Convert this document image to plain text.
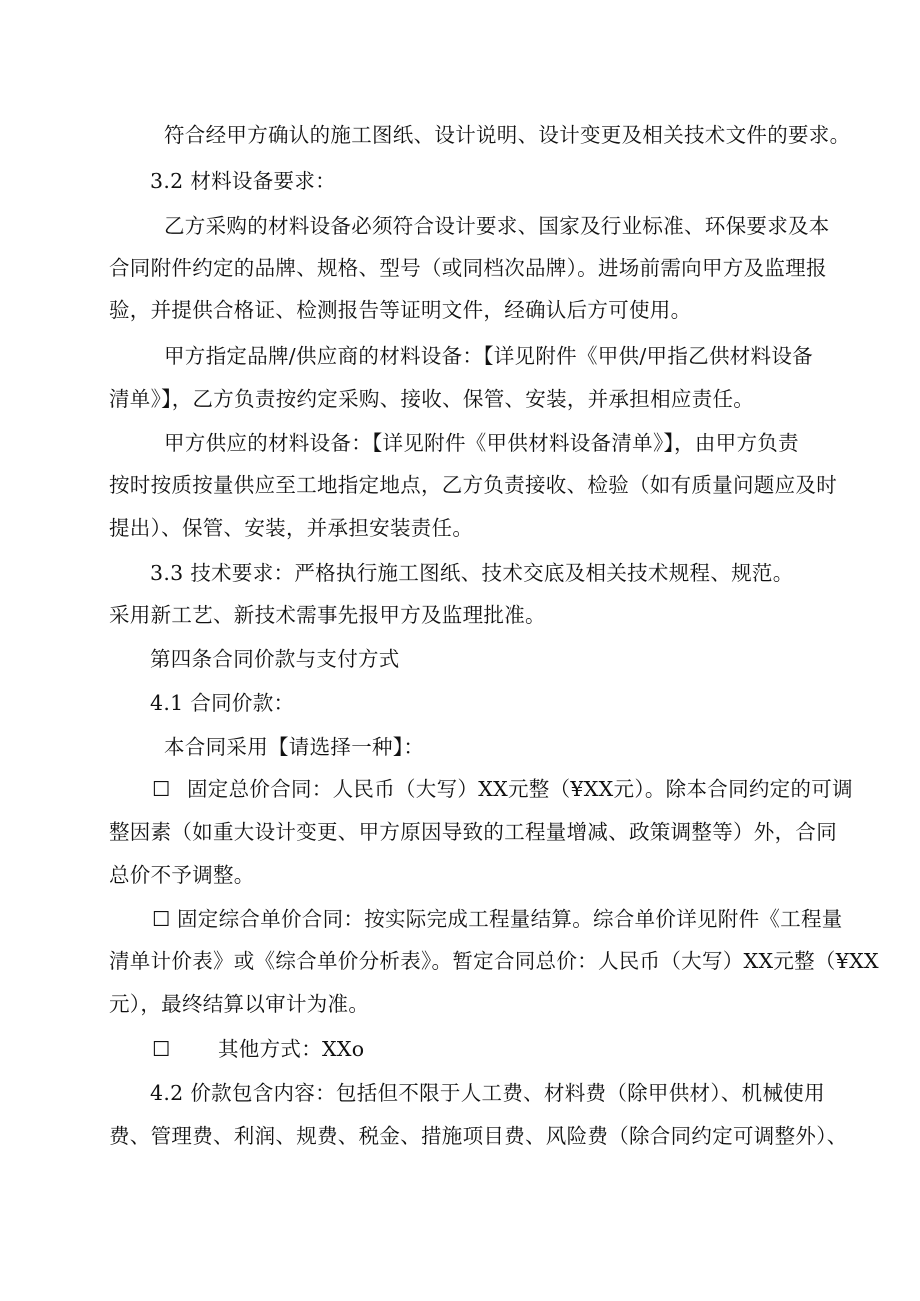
符合经甲方确认的施工图纸、设计说明、设计变更及相关技术文件的要求。
3.2 材料设备要求：
乙方采购的材料设备必须符合设计要求、国家及行业标准、环保要求及本
合同附件约定的品牌、规格、型号（或同档次品牌）。进场前需向甲方及监理报
验，并提供合格证、检测报告等证明文件，经确认后方可使用。
甲方指定品牌/供应商的材料设备：【详见附件《甲供/甲指乙供材料设备
清单》】，乙方负责按约定采购、接收、保管、安装，并承担相应责任。
甲方供应的材料设备：【详见附件《甲供材料设备清单》】，由甲方负责
按时按质按量供应至工地指定地点，乙方负责接收、检验（如有质量问题应及时
提出）、保管、安装，并承担安装责任。
3.3 技术要求：严格执行施工图纸、技术交底及相关技术规程、规范。
采用新工艺、新技术需事先报甲方及监理批准。
第四条合同价款与支付方式
4.1 合同价款：
本合同采用【请选择一种】：
☐ 固定总价合同：人民币（大写）XX元整（¥XX元）。除本合同约定的可调
整因素（如重大设计变更、甲方原因导致的工程量增减、政策调整等）外，合同
总价不予调整。
☐ 固定综合单价合同：按实际完成工程量结算。综合单价详见附件《工程量
清单计价表》或《综合单价分析表》。暂定合同总价：人民币（大写）XX元整（¥XX
元），最终结算以审计为准。
☐ 其他方式：XXo
4.2 价款包含内容：包括但不限于人工费、材料费（除甲供材）、机械使用
费、管理费、利润、规费、税金、措施项目费、风险费（除合同约定可调整外）、
